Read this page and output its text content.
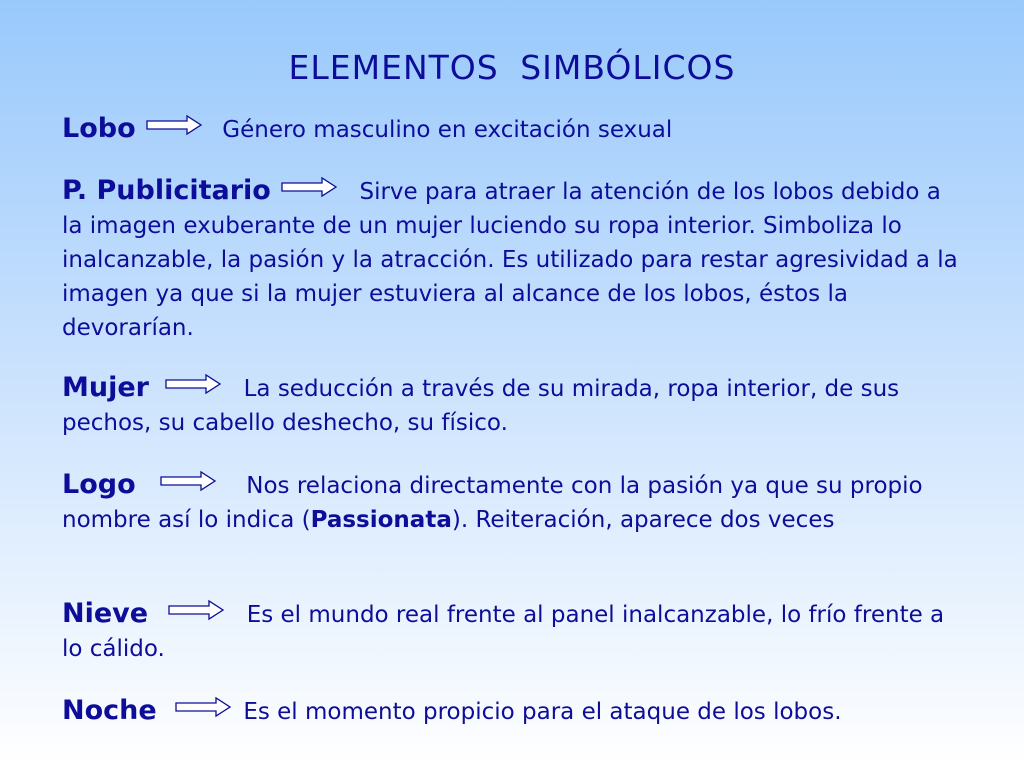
ELEMENTOS SIMBÓLICOS
Lobo	Género masculino en excitación sexual
P. Publicitario	Sirve para atraer la atención de los lobos debido a la imagen exuberante de un mujer luciendo su ropa interior. Simboliza lo inalcanzable, la pasión y la atracción. Es utilizado para restar agresividad a la imagen ya que si la mujer estuviera al alcance de los lobos, éstos la devorarían.
Mujer	La seducción a través de su mirada, ropa interior, de sus pechos, su cabello deshecho, su físico.
Logo	Nos relaciona directamente con la pasión ya que su propio nombre así lo indica (Passionata). Reiteración, aparece dos veces
Nieve	Es el mundo real frente al panel inalcanzable, lo frío frente a lo cálido.
Noche	Es el momento propicio para el ataque de los lobos.
